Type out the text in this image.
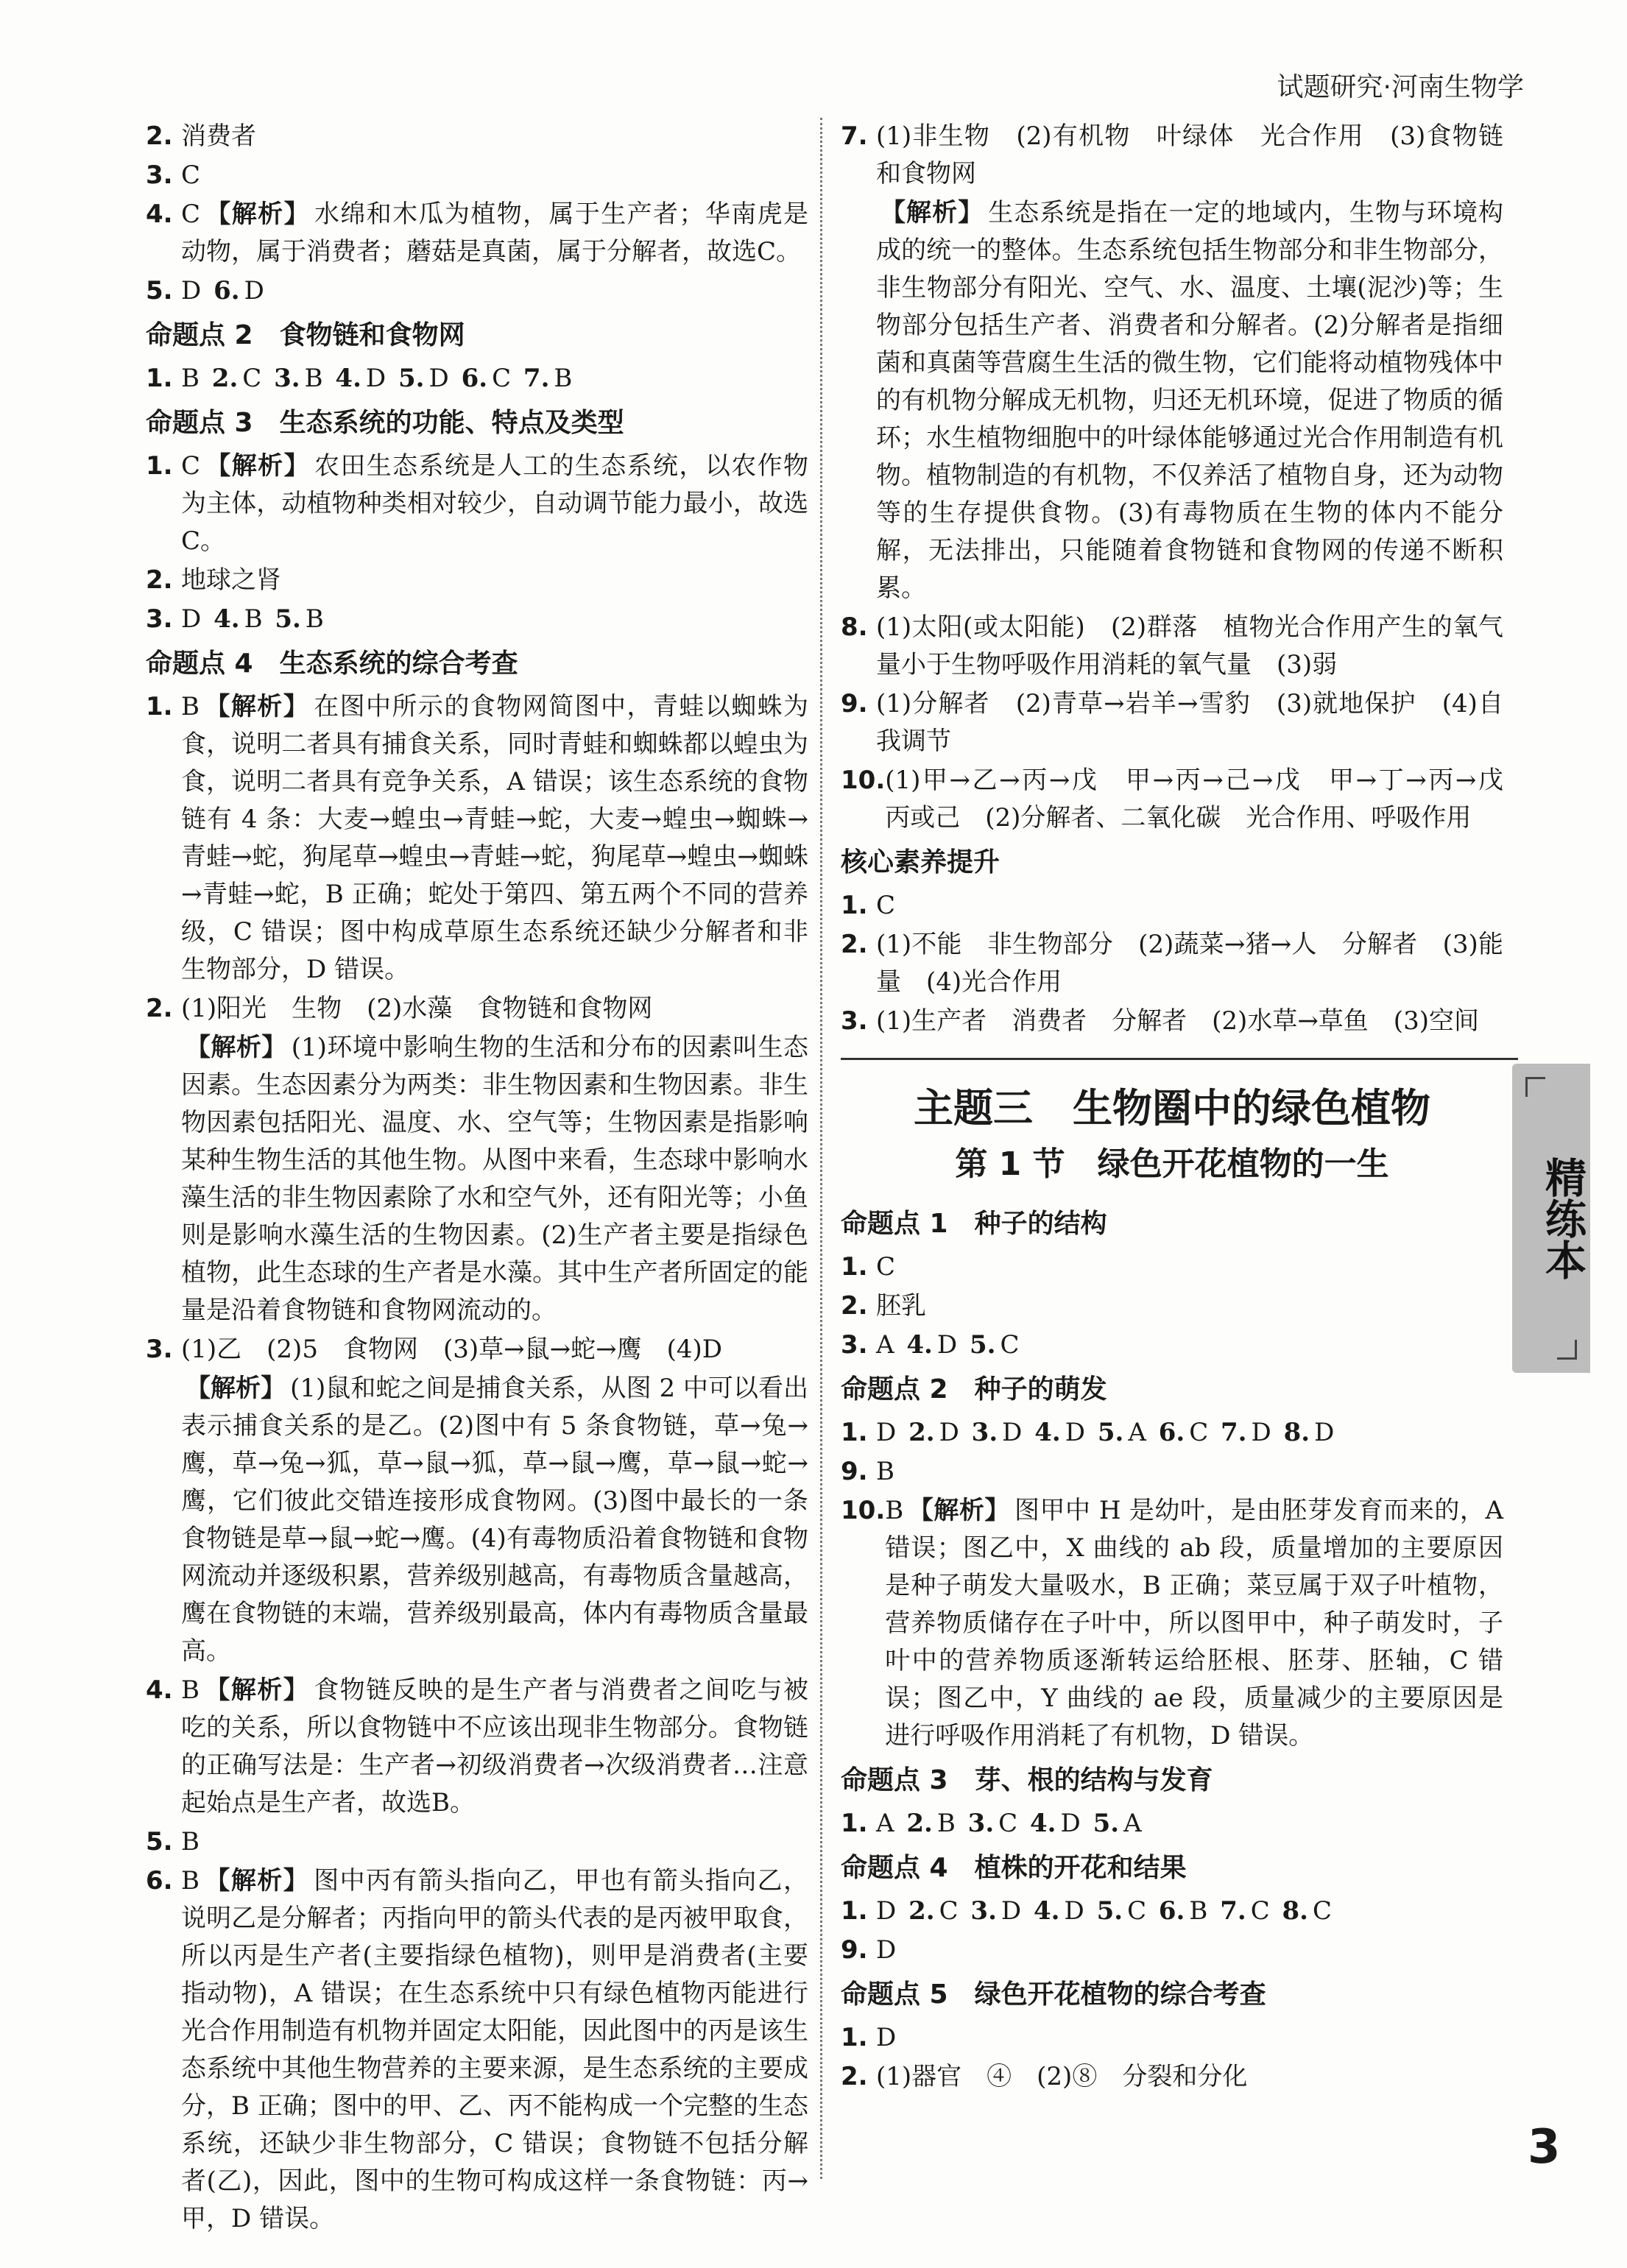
试题研究·河南生物学
2. 消费者
3. C
4. C 【解析】 水绵和木瓜为植物，属于生产者；华南虎是动物，属于消费者；蘑菇是真菌，属于分解者，故选C。
5. D 6. D
命题点 2　食物链和食物网
1. B 2. C 3. B 4. D 5. D 6. C 7. B
命题点 3　生态系统的功能、特点及类型
1. C 【解析】 农田生态系统是人工的生态系统，以农作物为主体，动植物种类相对较少，自动调节能力最小，故选C。
2. 地球之肾
3. D 4. B 5. B
命题点 4　生态系统的综合考查
1. B 【解析】 在图中所示的食物网简图中，青蛙以蜘蛛为食，说明二者具有捕食关系，同时青蛙和蜘蛛都以蝗虫为食，说明二者具有竞争关系，A 错误；该生态系统的食物链有 4 条：大麦→蝗虫→青蛙→蛇，大麦→蝗虫→蜘蛛→青蛙→蛇，狗尾草→蝗虫→青蛙→蛇，狗尾草→蝗虫→蜘蛛→青蛙→蛇，B 正确；蛇处于第四、第五两个不同的营养级，C 错误；图中构成草原生态系统还缺少分解者和非生物部分，D 错误。
2. (1)阳光　生物　(2)水藻　食物链和食物网
【解析】 (1)环境中影响生物的生活和分布的因素叫生态因素。生态因素分为两类：非生物因素和生物因素。非生物因素包括阳光、温度、水、空气等；生物因素是指影响某种生物生活的其他生物。从图中来看，生态球中影响水藻生活的非生物因素除了水和空气外，还有阳光等；小鱼则是影响水藻生活的生物因素。(2)生产者主要是指绿色植物，此生态球的生产者是水藻。其中生产者所固定的能量是沿着食物链和食物网流动的。
3. (1)乙　(2)5　食物网　(3)草→鼠→蛇→鹰　(4)D
【解析】 (1)鼠和蛇之间是捕食关系，从图 2 中可以看出表示捕食关系的是乙。(2)图中有 5 条食物链，草→兔→鹰，草→兔→狐，草→鼠→狐，草→鼠→鹰，草→鼠→蛇→鹰，它们彼此交错连接形成食物网。(3)图中最长的一条食物链是草→鼠→蛇→鹰。(4)有毒物质沿着食物链和食物网流动并逐级积累，营养级别越高，有毒物质含量越高，鹰在食物链的末端，营养级别最高，体内有毒物质含量最高。
4. B 【解析】 食物链反映的是生产者与消费者之间吃与被吃的关系，所以食物链中不应该出现非生物部分。食物链的正确写法是：生产者→初级消费者→次级消费者…注意起始点是生产者，故选B。
5. B
6. B 【解析】 图中丙有箭头指向乙，甲也有箭头指向乙，说明乙是分解者；丙指向甲的箭头代表的是丙被甲取食，所以丙是生产者(主要指绿色植物)，则甲是消费者(主要指动物)，A 错误；在生态系统中只有绿色植物丙能进行光合作用制造有机物并固定太阳能，因此图中的丙是该生态系统中其他生物营养的主要来源，是生态系统的主要成分，B 正确；图中的甲、乙、丙不能构成一个完整的生态系统，还缺少非生物部分，C 错误；食物链不包括分解者(乙)，因此，图中的生物可构成这样一条食物链：丙→甲，D 错误。
7. (1)非生物　(2)有机物　叶绿体　光合作用　(3)食物链和食物网
【解析】 生态系统是指在一定的地域内，生物与环境构成的统一的整体。生态系统包括生物部分和非生物部分，非生物部分有阳光、空气、水、温度、土壤(泥沙)等；生物部分包括生产者、消费者和分解者。(2)分解者是指细菌和真菌等营腐生生活的微生物，它们能将动植物残体中的有机物分解成无机物，归还无机环境，促进了物质的循环；水生植物细胞中的叶绿体能够通过光合作用制造有机物。植物制造的有机物，不仅养活了植物自身，还为动物等的生存提供食物。(3)有毒物质在生物的体内不能分解，无法排出，只能随着食物链和食物网的传递不断积累。
8. (1)太阳(或太阳能)　(2)群落　植物光合作用产生的氧气量小于生物呼吸作用消耗的氧气量　(3)弱
9. (1)分解者　(2)青草→岩羊→雪豹　(3)就地保护　(4)自我调节
10. (1)甲→乙→丙→戊　甲→丙→己→戊　甲→丁→丙→戊　丙或己　(2)分解者、二氧化碳　光合作用、呼吸作用
核心素养提升
1. C
2. (1)不能　非生物部分　(2)蔬菜→猪→人　分解者　(3)能量　(4)光合作用
3. (1)生产者　消费者　分解者　(2)水草→草鱼　(3)空间
主题三　生物圈中的绿色植物
第 1 节　绿色开花植物的一生
命题点 1　种子的结构
1. C
2. 胚乳
3. A 4. D 5. C
命题点 2　种子的萌发
1. D 2. D 3. D 4. D 5. A 6. C 7. D 8. D
9. B
10. B 【解析】 图甲中 H 是幼叶，是由胚芽发育而来的，A 错误；图乙中，X 曲线的 ab 段，质量增加的主要原因是种子萌发大量吸水，B 正确；菜豆属于双子叶植物，营养物质储存在子叶中，所以图甲中，种子萌发时，子叶中的营养物质逐渐转运给胚根、胚芽、胚轴，C 错误；图乙中，Y 曲线的 ae 段，质量减少的主要原因是进行呼吸作用消耗了有机物，D 错误。
命题点 3　芽、根的结构与发育
1. A 2. B 3. C 4. D 5. A
命题点 4　植株的开花和结果
1. D 2. C 3. D 4. D 5. C 6. B 7. C 8. C
9. D
命题点 5　绿色开花植物的综合考查
1. D
2. (1)器官　④　(2)⑧　分裂和分化
精练本
3
